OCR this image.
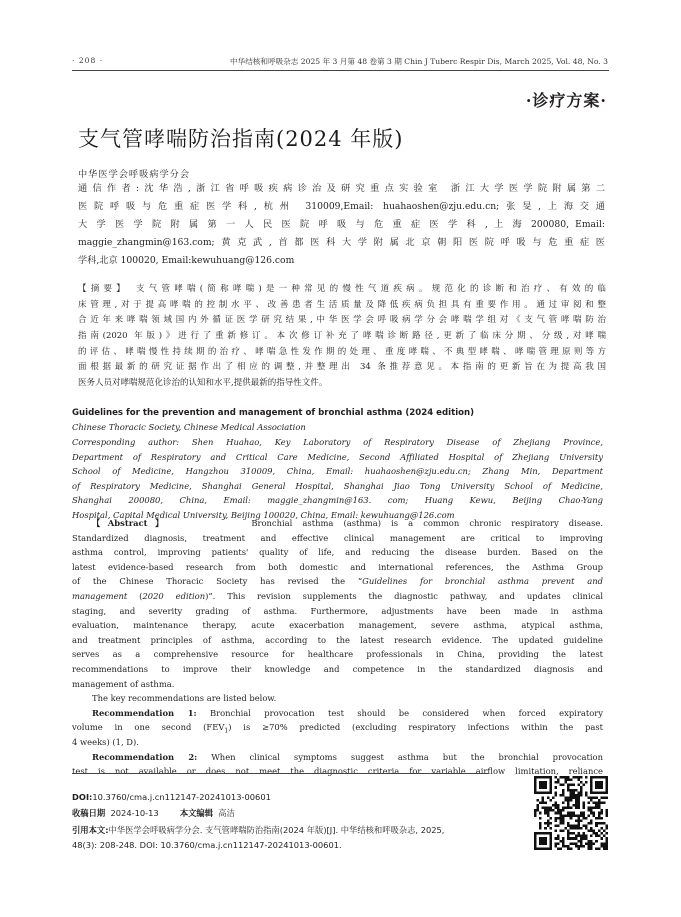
· 208 ·	中华结核和呼吸杂志 2025 年 3 月第 48 卷第 3 期 Chin J Tuberc Respir Dis, March 2025, Vol. 48, No. 3
·诊疗方案·
支气管哮喘防治指南(2024 年版)
中华医学会呼吸病学分会
通信作者:沈华浩,浙江省呼吸疾病诊治及研究重点实验室 浙江大学医学院附属第二
医院呼吸与危重症医学科,杭州 310009,Email: huahaoshen@zju.edu.cn;张旻,上海交通
大 学 医 学 院 附 属 第 一 人 民 医 院 呼 吸 与 危 重 症 医 学 科 , 上 海 200080, Email:
maggie_zhangmin@163.com;黄克武,首都医科大学附属北京朝阳医院呼吸与危重症医
学科,北京 100020, Email:kewuhuang@126.com
【摘要】 支气管哮喘(简称哮喘)是一种常见的慢性气道疾病。规范化的诊断和治疗、有效的临
床管理,对于提高哮喘的控制水平、改善患者生活质量及降低疾病负担具有重要作用。通过审阅和整
合近年来哮喘领域国内外循证医学研究结果,中华医学会呼吸病学分会哮喘学组对《支气管哮喘防治
指南(2020 年版)》进行了重新修订。本次修订补充了哮喘诊断路径,更新了临床分期、分级,对哮喘
的评估、哮喘慢性持续期的治疗、哮喘急性发作期的处理、重度哮喘、不典型哮喘、哮喘管理原则等方
面根据最新的研究证据作出了相应的调整,并整理出 34 条推荐意见。本指南的更新旨在为提高我国
医务人员对哮喘规范化诊治的认知和水平,提供最新的指导性文件。
Guidelines for the prevention and management of bronchial asthma (2024 edition)
Chinese Thoracic Society, Chinese Medical Association
Corresponding author: Shen Huahao, Key Laboratory of Respiratory Disease of Zhejiang Province,
Department of Respiratory and Critical Care Medicine, Second Affiliated Hospital of Zhejiang University
School of Medicine, Hangzhou 310009, China, Email: huahaoshen@zju.edu.cn; Zhang Min, Department
of Respiratory Medicine, Shanghai General Hospital, Shanghai Jiao Tong University School of Medicine,
Shanghai 200080, China, Email: maggie_zhangmin@163. com; Huang Kewu, Beijing Chao-Yang
Hospital, Capital Medical University, Beijing 100020, China, Email: kewuhuang@126.com
【Abstract】	Bronchial asthma (asthma) is a common chronic respiratory disease.
Standardized diagnosis, treatment and effective clinical management are critical to improving
asthma control, improving patients' quality of life, and reducing the disease burden. Based on the
latest evidence-based research from both domestic and international references, the Asthma Group
of the Chinese Thoracic Society has revised the “Guidelines for bronchial asthma prevent and
management (2020 edition)”. This revision supplements the diagnostic pathway, and updates clinical
staging, and severity grading of asthma. Furthermore, adjustments have been made in asthma
evaluation, maintenance therapy, acute exacerbation management, severe asthma, atypical asthma,
and treatment principles of asthma, according to the latest research evidence. The updated guideline
serves as a comprehensive resource for healthcare professionals in China, providing the latest
recommendations to improve their knowledge and competence in the standardized diagnosis and
management of asthma.
The key recommendations are listed below.
Recommendation 1: Bronchial provocation test should be considered when forced expiratory
volume in one second $(FEV_1)$ is ≥70% predicted (excluding respiratory infections within the past
4 weeks) (1, D).
Recommendation 2: When clinical symptoms suggest asthma but the bronchial provocation
test is not available or does not meet the diagnostic criteria for variable airflow limitation, reliance
DOI:10.3760/cma.j.cn112147-20241013-00601
收稿日期 2024-10-13	本文编辑 高洁
引用本文:中华医学会呼吸病学分会. 支气管哮喘防治指南(2024 年版)[J]. 中华结核和呼吸杂志, 2025,
48(3): 208-248. DOI: 10.3760/cma.j.cn112147-20241013-00601.
